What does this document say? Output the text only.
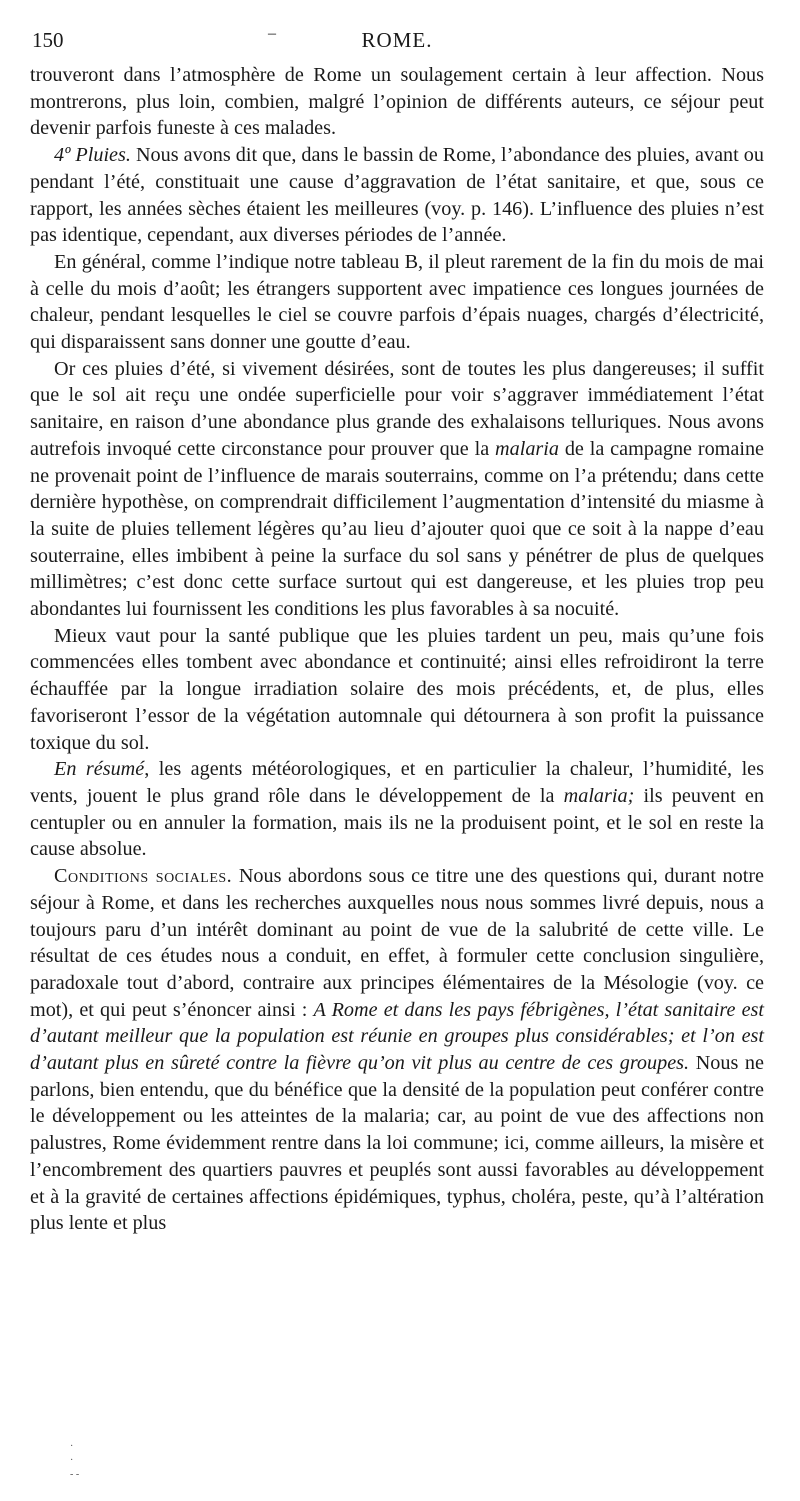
150	–	ROME.

trouveront dans l’atmosphère de Rome un soulagement certain à leur affection. Nous montrerons, plus loin, combien, malgré l’opinion de différents auteurs, ce séjour peut devenir parfois funeste à ces malades.

4º Pluies. Nous avons dit que, dans le bassin de Rome, l’abondance des pluies, avant ou pendant l’été, constituait une cause d’aggravation de l’état sanitaire, et que, sous ce rapport, les années sèches étaient les meilleures (voy. p. 146). L’influence des pluies n’est pas identique, cependant, aux diverses périodes de l’année.

En général, comme l’indique notre tableau B, il pleut rarement de la fin du mois de mai à celle du mois d’août; les étrangers supportent avec impatience ces longues journées de chaleur, pendant lesquelles le ciel se couvre parfois d’épais nuages, chargés d’électricité, qui disparaissent sans donner une goutte d’eau.

Or ces pluies d’été, si vivement désirées, sont de toutes les plus dangereuses; il suffit que le sol ait reçu une ondée superficielle pour voir s’aggraver immédiatement l’état sanitaire, en raison d’une abondance plus grande des exhalaisons telluriques. Nous avons autrefois invoqué cette circonstance pour prouver que la malaria de la campagne romaine ne provenait point de l’influence de marais souterrains, comme on l’a prétendu; dans cette dernière hypothèse, on comprendrait difficilement l’augmentation d’intensité du miasme à la suite de pluies tellement légères qu’au lieu d’ajouter quoi que ce soit à la nappe d’eau souterraine, elles imbibent à peine la surface du sol sans y pénétrer de plus de quelques millimètres; c’est donc cette surface surtout qui est dangereuse, et les pluies trop peu abondantes lui fournissent les conditions les plus favorables à sa nocuité.

Mieux vaut pour la santé publique que les pluies tardent un peu, mais qu’une fois commencées elles tombent avec abondance et continuité; ainsi elles refroidiront la terre échauffée par la longue irradiation solaire des mois précédents, et, de plus, elles favoriseront l’essor de la végétation automnale qui détournera à son profit la puissance toxique du sol.

En résumé, les agents météorologiques, et en particulier la chaleur, l’humidité, les vents, jouent le plus grand rôle dans le développement de la malaria; ils peuvent en centupler ou en annuler la formation, mais ils ne la produisent point, et le sol en reste la cause absolue.

Conditions sociales. Nous abordons sous ce titre une des questions qui, durant notre séjour à Rome, et dans les recherches auxquelles nous nous sommes livré depuis, nous a toujours paru d’un intérêt dominant au point de vue de la salubrité de cette ville. Le résultat de ces études nous a conduit, en effet, à formuler cette conclusion singulière, paradoxale tout d’abord, contraire aux principes élémentaires de la Mésologie (voy. ce mot), et qui peut s’énoncer ainsi : A Rome et dans les pays fébrigènes, l’état sanitaire est d’autant meilleur que la population est réunie en groupes plus considérables; et l’on est d’autant plus en sûreté contre la fièvre qu’on vit plus au centre de ces groupes. Nous ne parlons, bien entendu, que du bénéfice que la densité de la population peut conférer contre le développement ou les atteintes de la malaria; car, au point de vue des affections non palustres, Rome évidemment rentre dans la loi commune; ici, comme ailleurs, la misère et l’encombrement des quartiers pauvres et peuplés sont aussi favorables au développement et à la gravité de certaines affections épidémiques, typhus, choléra, peste, qu’à l’altération plus lente et plus

·
·
- -
